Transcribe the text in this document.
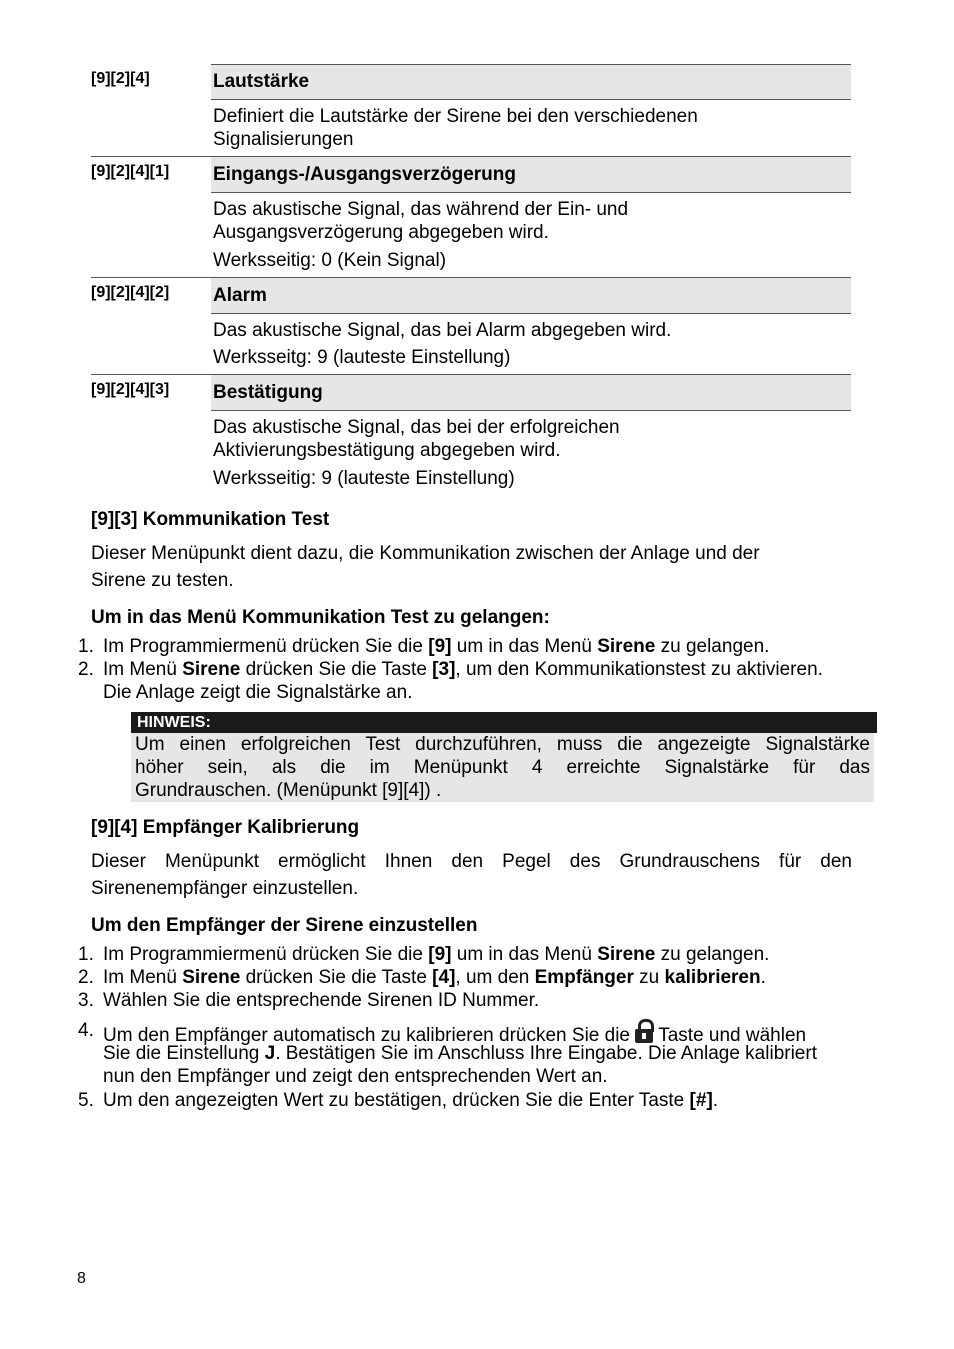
[9][2][4]	Lautstärke
Definiert die Lautstärke der Sirene bei den verschiedenen
Signalisierungen
[9][2][4][1] Eingangs-/Ausgangsverzögerung
Das akustische Signal, das während der Ein- und
Ausgangsverzögerung abgegeben wird.
Werksseitig: 0 (Kein Signal)
[9][2][4][2] Alarm
Das akustische Signal, das bei Alarm abgegeben wird.
Werksseitg: 9 (lauteste Einstellung)
[9][2][4][3] Bestätigung
Das akustische Signal, das bei der erfolgreichen
Aktivierungsbestätigung abgegeben wird.
Werksseitig: 9 (lauteste Einstellung)
[9][3] Kommunikation Test
Dieser Menüpunkt dient dazu, die Kommunikation zwischen der Anlage und der
Sirene zu testen.
Um in das Menü Kommunikation Test zu gelangen:
1. Im Programmiermenü drücken Sie die [9] um in das Menü Sirene zu gelangen.
2. Im Menü Sirene drücken Sie die Taste [3], um den Kommunikationstest zu aktivieren.
Die Anlage zeigt die Signalstärke an.
HINWEIS:
Um einen erfolgreichen Test durchzuführen, muss die angezeigte Signalstärke
höher sein, als die im Menüpunkt 4 erreichte Signalstärke für das
Grundrauschen. (Menüpunkt [9][4]) .
[9][4] Empfänger Kalibrierung
Dieser Menüpunkt ermöglicht Ihnen den Pegel des Grundrauschens für den
Sirenenempfänger einzustellen.
Um den Empfänger der Sirene einzustellen
1. Im Programmiermenü drücken Sie die [9] um in das Menü Sirene zu gelangen.
2. Im Menü Sirene drücken Sie die Taste [4], um den Empfänger zu kalibrieren.
3. Wählen Sie die entsprechende Sirenen ID Nummer.
4. Um den Empfänger automatisch zu kalibrieren drücken Sie die
Taste und wählen
Sie die Einstellung J. Bestätigen Sie im Anschluss Ihre Eingabe. Die Anlage kalibriert
nun den Empfänger und zeigt den entsprechenden Wert an.
5. Um den angezeigten Wert zu bestätigen, drücken Sie die Enter Taste [#].
8
